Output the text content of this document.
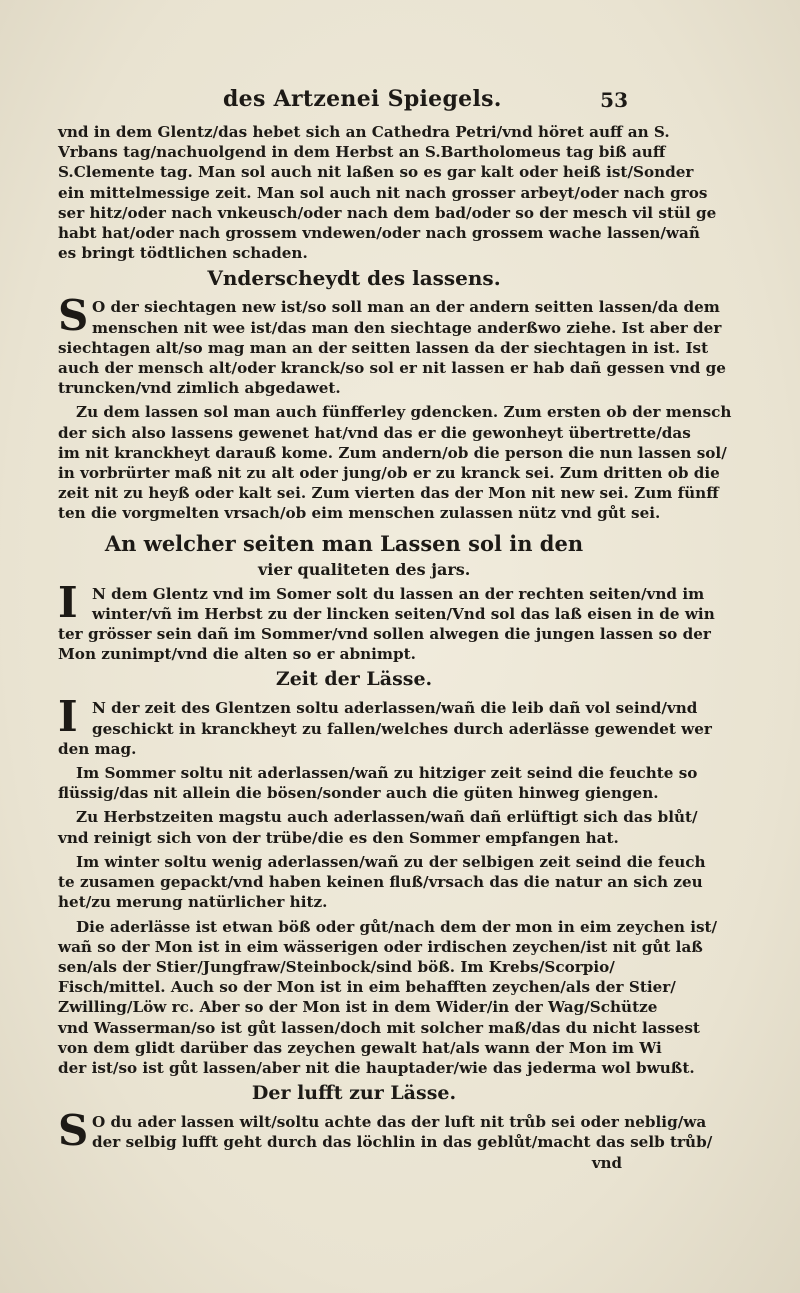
des Artzenei Spiegels.	53
vnd in dem Glentz/das hebet sich an Cathedra Petri/vnd höret auff an S.
Vrbans tag/nachuolgend in dem Herbst an S.Bartholomeus tag biß auff
S.Clemente tag. Man sol auch nit laßen so es gar kalt oder heiß ist/Sonder
ein mittelmessige zeit. Man sol auch nit nach grosser arbeyt/oder nach gros
ser hitz/oder nach vnkeusch/oder nach dem bad/oder so der mesch vil stül ge
habt hat/oder nach grossem vndewen/oder nach grossem wache lassen/wañ
es bringt tödtlichen schaden.
Vnderscheydt des lassens.
S O der siechtagen new ist/so soll man an der andern seitten lassen/da dem
menschen nit wee ist/das man den siechtage anderßwo ziehe. Ist aber der
siechtagen alt/so mag man an der seitten lassen da der siechtagen in ist. Ist
auch der mensch alt/oder kranck/so sol er nit lassen er hab dañ gessen vnd ge
truncken/vnd zimlich abgedawet.
Zu dem lassen sol man auch fünfferley gdencken. Zum ersten ob der mensch
der sich also lassens gewenet hat/vnd das er die gewonheyt übertrette/das
im nit kranckheyt darauß kome. Zum andern/ob die person die nun lassen sol/
in vorbrürter maß nit zu alt oder jung/ob er zu kranck sei. Zum dritten ob die
zeit nit zu heyß oder kalt sei. Zum vierten das der Mon nit new sei. Zum fünff
ten die vorgmelten vrsach/ob eim menschen zulassen nütz vnd gůt sei.
An welcher seiten man Lassen sol in den
vier qualiteten des jars.
I N dem Glentz vnd im Somer solt du lassen an der rechten seiten/vnd im
winter/vñ im Herbst zu der lincken seiten/Vnd sol das laß eisen in de win
ter grösser sein dañ im Sommer/vnd sollen alwegen die jungen lassen so der
Mon zunimpt/vnd die alten so er abnimpt.
Zeit der Lässe.
I N der zeit des Glentzen soltu aderlassen/wañ die leib dañ vol seind/vnd
geschickt in kranckheyt zu fallen/welches durch aderlässe gewendet wer
den mag.
Im Sommer soltu nit aderlassen/wañ zu hitziger zeit seind die feuchte so
flüssig/das nit allein die bösen/sonder auch die güten hinweg giengen.
Zu Herbstzeiten magstu auch aderlassen/wañ dañ erlüftigt sich das blůt/
vnd reinigt sich von der trübe/die es den Sommer empfangen hat.
Im winter soltu wenig aderlassen/wañ zu der selbigen zeit seind die feuch
te zusamen gepackt/vnd haben keinen fluß/vrsach das die natur an sich zeu
het/zu merung natürlicher hitz.
Die aderlässe ist etwan böß oder gůt/nach dem der mon in eim zeychen ist/
wañ so der Mon ist in eim wässerigen oder irdischen zeychen/ist nit gůt laß
sen/als der Stier/Jungfraw/Steinbock/sind böß. Im Krebs/Scorpio/
Fisch/mittel. Auch so der Mon ist in eim behafften zeychen/als der Stier/
Zwilling/Löw rc. Aber so der Mon ist in dem Wider/in der Wag/Schütze
vnd Wasserman/so ist gůt lassen/doch mit solcher maß/das du nicht lassest
von dem glidt darüber das zeychen gewalt hat/als wann der Mon im Wi
der ist/so ist gůt lassen/aber nit die hauptader/wie das jederma wol bwußt.
Der lufft zur Lässe.
S O du ader lassen wilt/soltu achte das der luft nit trůb sei oder neblig/wa
der selbig lufft geht durch das löchlin in das geblůt/macht das selb trůb/
vnd
